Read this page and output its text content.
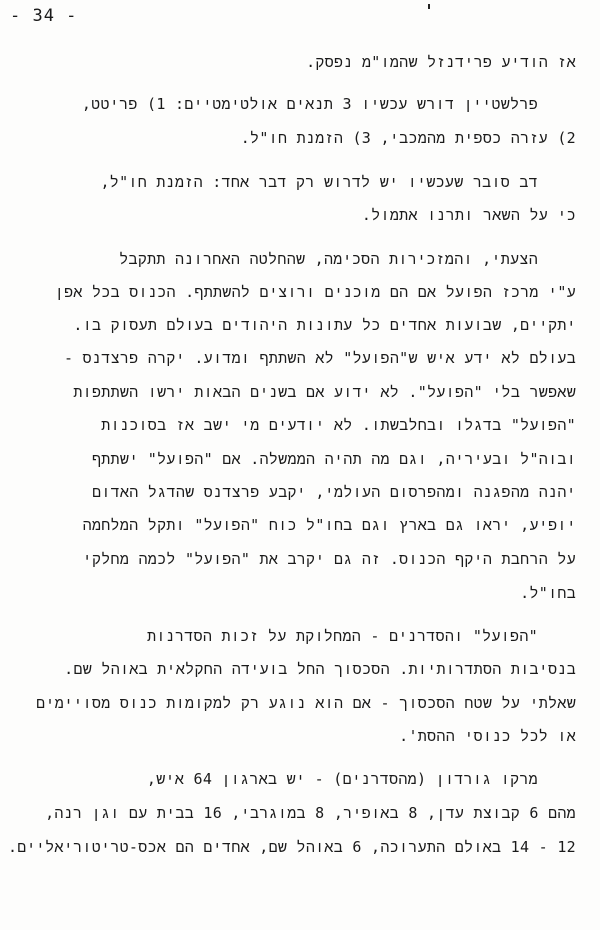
- 34 -
אז הודיע פרידנזל שהמו"מ נפסק.
פרלשטיין דורש עכשיו 3 תנאים אולטימטיים: 1) פריטט,
2) עזרה כספית מהמכבי, 3) הזמנת חו"ל.
דב סובר שעכשיו יש לדרוש רק דבר אחד: הזמנת חו"ל,
כי על השאר ותרנו אתמול.
הצעתי, והמזכירות הסכימה, שהחלטה האחרונה תתקבל
ע"י מרכז הפועל אם הם מוכנים ורוצים להשתתף. הכנוס בכל אפן
יתקיים, שבועות אחדים כל עתונות היהודים בעולם תעסוק בו.
בעולם לא ידע איש ש"הפועל" לא השתתף ומדוע. יקרה פרצדנס -
שאפשר בלי "הפועל". לא ידוע אם בשנים הבאות ירשו השתתפות
"הפועל" בדגלו ובחלבשתו. לא יודעים מי ישב אז בסוכנות
ובוה"ל ובעיריה, וגם מה תהיה הממשלה. אם "הפועל" ישתתף
יהנה מהפגנה ומהפרסום העולמי, יקבע פרצדנס שהדגל האדום
יופיע, יראו גם בארץ וגם בחו"ל כוח "הפועל" ותקל המלחמה
על הרחבת היקף הכנוס. זה גם יקרב את "הפועל" לכמה מחלקי
בחו"ל.
"הפועל" והסדרנים - המחלוקת על זכות הסדרנות
בנסיבות הסתדרותיות. הסכסוך החל בועידה החקלאית באוהל שם.
שאלתי על שטח הסכסוך - אם הוא נוגע רק למקומות כנוס מסויימים
או לכל כנוסי ההסת'.
מרקו גורדון (מהסדרנים) - יש בארגון 64 איש,
מהם 6 קבוצת עדן, 8 באופיר, 8 במוגרבי, 16 בבית עם וגן רנה,
12 - 14 באולם התערוכה, 6 באוהל שם, אחדים הם אכס-טריטוריאליים.
